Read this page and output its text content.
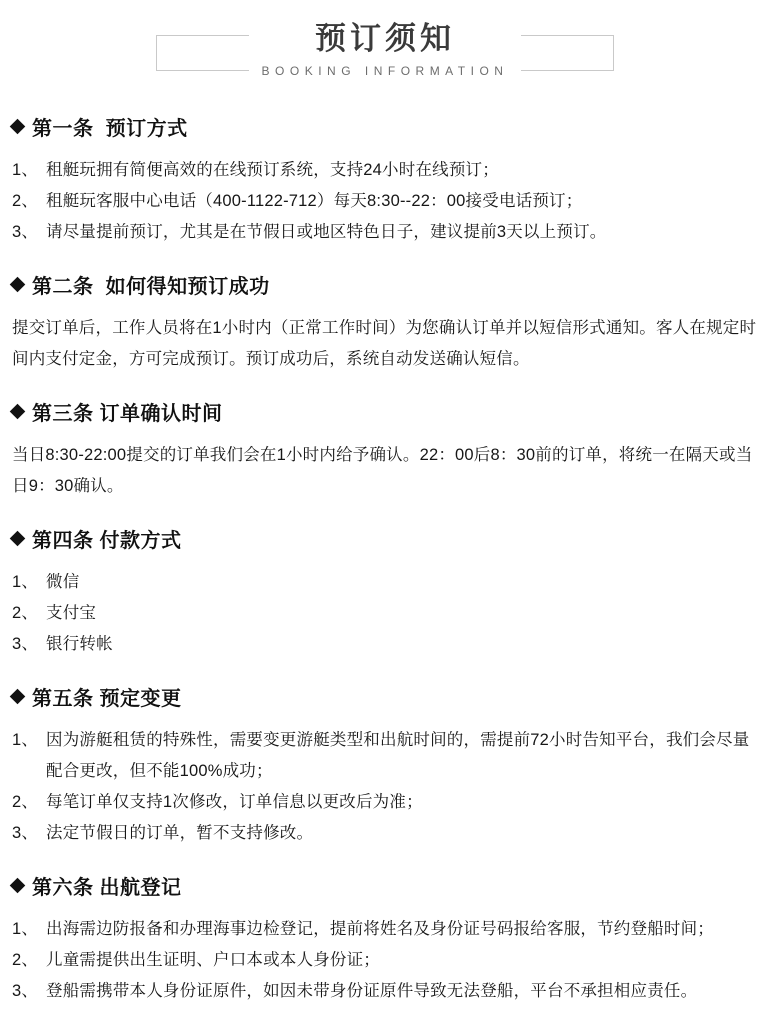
预订须知
BOOKING INFORMATION
第一条  预订方式
1、 租艇玩拥有简便高效的在线预订系统，支持24小时在线预订；
2、 租艇玩客服中心电话（400-1122-712）每天8:30--22：00接受电话预订；
3、 请尽量提前预订，尤其是在节假日或地区特色日子，建议提前3天以上预订。
第二条  如何得知预订成功

提交订单后，工作人员将在1小时内（正常工作时间）为您确认订单并以短信形式通知。客人在规定时间内支付定金，方可完成预订。预订成功后，系统自动发送确认短信。

第三条 订单确认时间

当日8:30-22:00提交的订单我们会在1小时内给予确认。22：00后8：30前的订单，将统一在隔天或当日9：30确认。

第四条 付款方式
1、 微信
2、 支付宝
3、 银行转帐
第五条 预定变更
1、 因为游艇租赁的特殊性，需要变更游艇类型和出航时间的，需提前72小时告知平台，我们会尽量配合更改，但不能100%成功；
2、 每笔订单仅支持1次修改，订单信息以更改后为准；
3、 法定节假日的订单，暂不支持修改。
第六条 出航登记
1、 出海需边防报备和办理海事边检登记，提前将姓名及身份证号码报给客服，节约登船时间；
2、 儿童需提供出生证明、户口本或本人身份证；
3、 登船需携带本人身份证原件，如因未带身份证原件导致无法登船，平台不承担相应责任。
